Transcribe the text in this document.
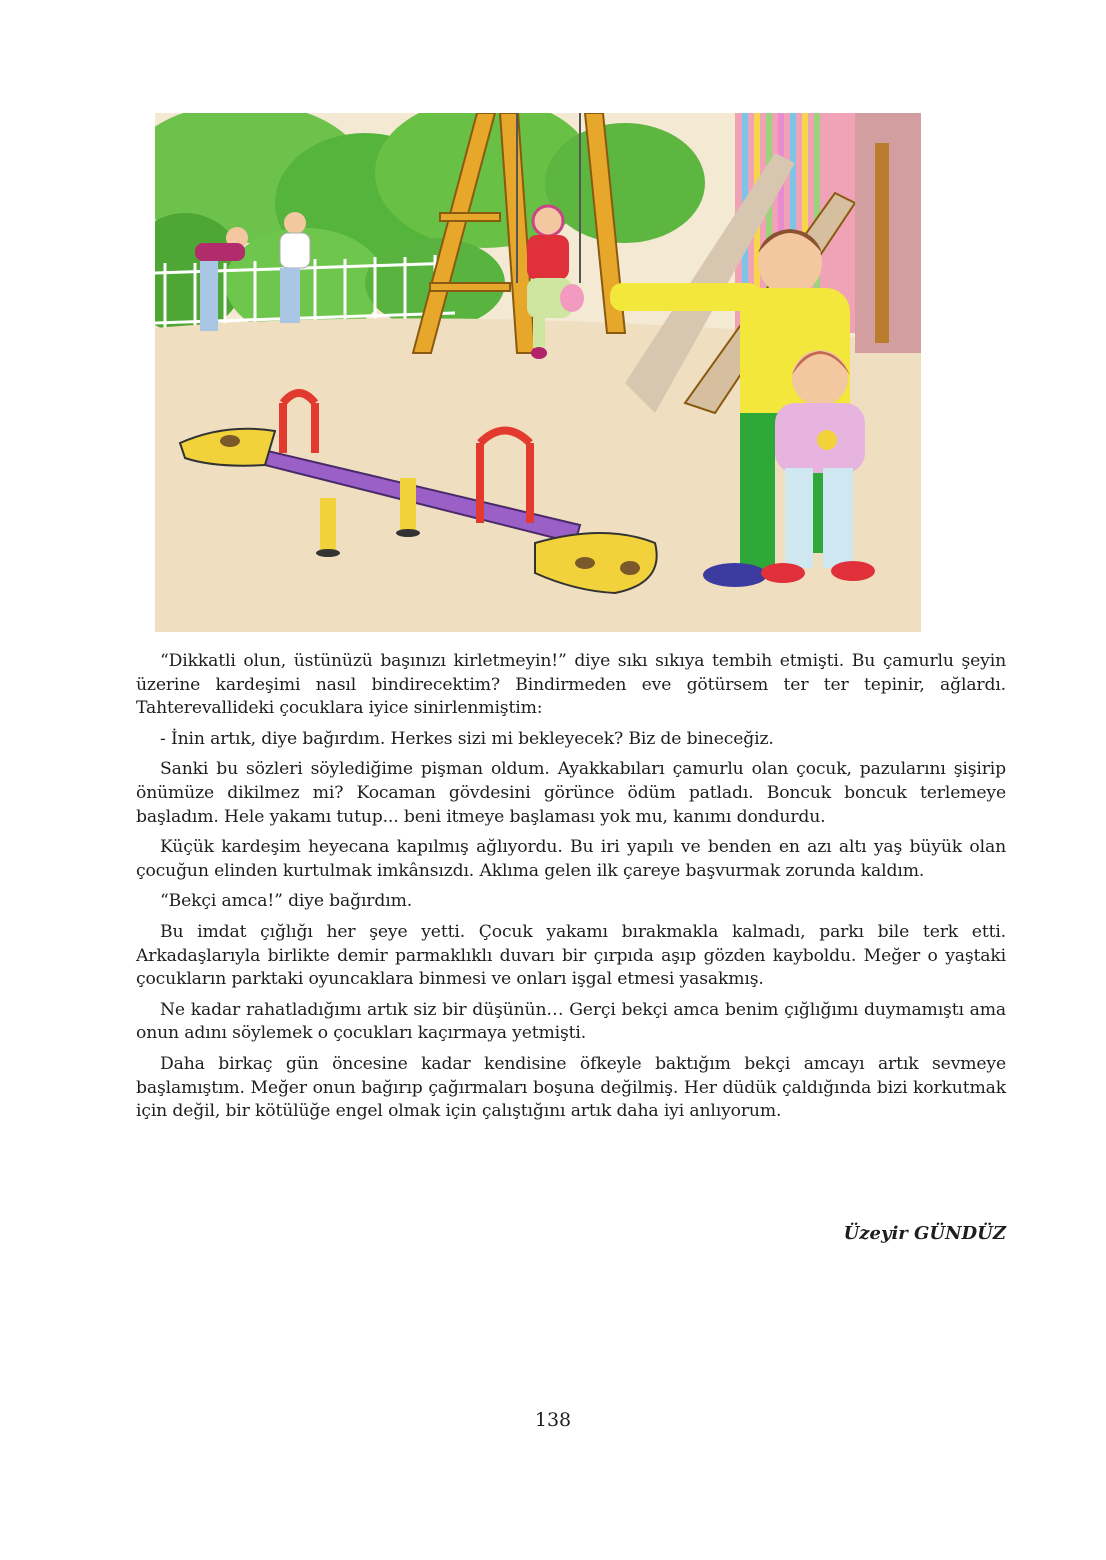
“Dikkatli olun, üstünüzü başınızı kirletmeyin!” diye sıkı sıkıya tembih etmişti. Bu çamurlu şeyin üzerine kardeşimi nasıl bindirecektim? Bindirmeden eve götürsem ter ter tepinir, ağlardı. Tahterevallideki çocuklara iyice sinirlenmiştim:

- İnin artık, diye bağırdım. Herkes sizi mi bekleyecek? Biz de bineceğiz.

Sanki bu sözleri söylediğime pişman oldum. Ayakkabıları çamurlu olan çocuk, pazularını şişirip önümüze dikilmez mi? Kocaman gövdesini görünce ödüm patladı. Boncuk boncuk terlemeye başladım. Hele yakamı tutup... beni itmeye başlaması yok mu, kanımı dondurdu.

Küçük kardeşim heyecana kapılmış ağlıyordu. Bu iri yapılı ve benden en azı altı yaş büyük olan çocuğun elinden kurtulmak imkânsızdı. Aklıma gelen ilk çareye başvurmak zorunda kaldım.

“Bekçi amca!” diye bağırdım.

Bu imdat çığlığı her şeye yetti. Çocuk yakamı bırakmakla kalmadı, parkı bile terk etti. Arkadaşlarıyla birlikte demir parmaklıklı duvarı bir çırpıda aşıp gözden kayboldu. Meğer o yaştaki çocukların parktaki oyuncaklara binmesi ve onları işgal etmesi yasakmış.

Ne kadar rahatladığımı artık siz bir düşünün… Gerçi bekçi amca benim çığlığımı duymamıştı ama onun adını söylemek o çocukları kaçırmaya yetmişti.

Daha birkaç gün öncesine kadar kendisine öfkeyle baktığım bekçi amcayı artık sevmeye başlamıştım. Meğer onun bağırıp çağırmaları boşuna değilmiş. Her düdük çaldığında bizi korkutmak için değil, bir kötülüğe engel olmak için çalıştığını artık daha iyi anlıyorum.

Üzeyir GÜNDÜZ
138
